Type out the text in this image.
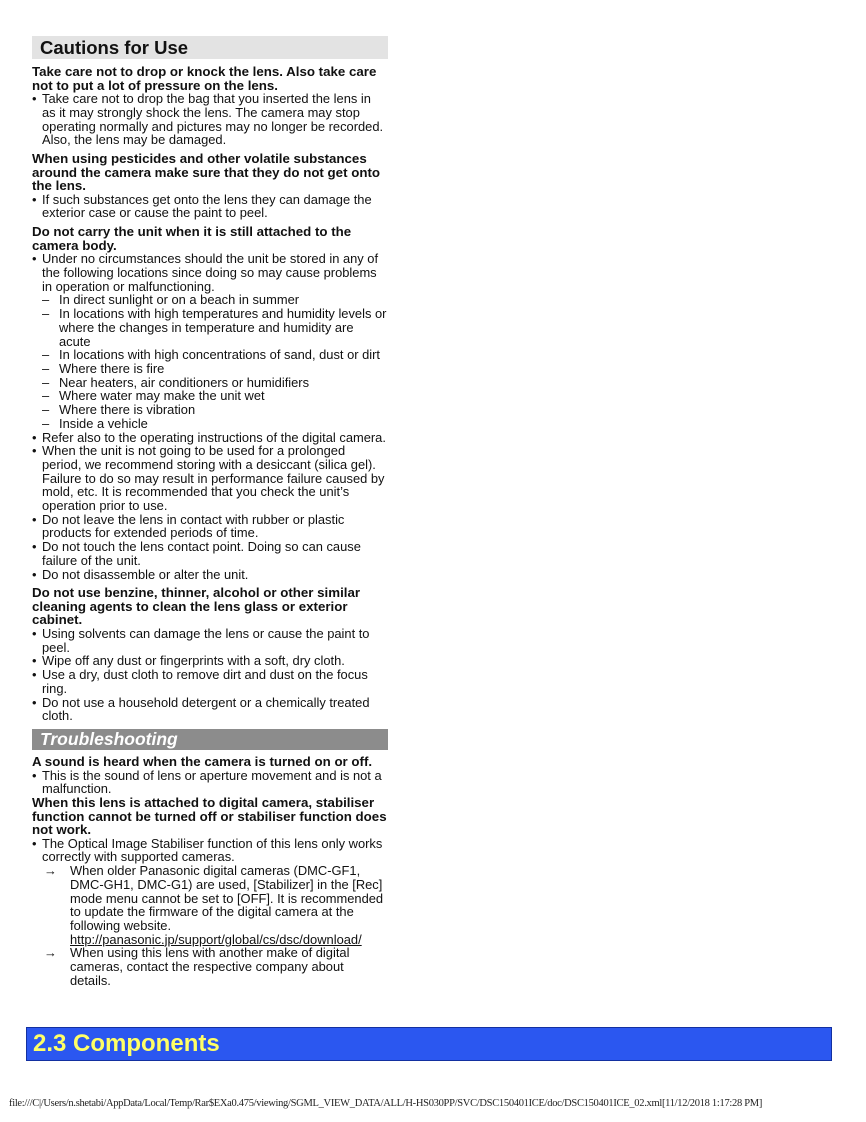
Cautions for Use
Take care not to drop or knock the lens. Also take care not to put a lot of pressure on the lens.
• Take care not to drop the bag that you inserted the lens in as it may strongly shock the lens. The camera may stop operating normally and pictures may no longer be recorded. Also, the lens may be damaged.
When using pesticides and other volatile substances around the camera make sure that they do not get onto the lens.
• If such substances get onto the lens they can damage the exterior case or cause the paint to peel.
Do not carry the unit when it is still attached to the camera body.
• Under no circumstances should the unit be stored in any of the following locations since doing so may cause problems in operation or malfunctioning.
– In direct sunlight or on a beach in summer
– In locations with high temperatures and humidity levels or where the changes in temperature and humidity are acute
– In locations with high concentrations of sand, dust or dirt
– Where there is fire
– Near heaters, air conditioners or humidifiers
– Where water may make the unit wet
– Where there is vibration
– Inside a vehicle
• Refer also to the operating instructions of the digital camera.
• When the unit is not going to be used for a prolonged period, we recommend storing with a desiccant (silica gel). Failure to do so may result in performance failure caused by mold, etc. It is recommended that you check the unit’s operation prior to use.
• Do not leave the lens in contact with rubber or plastic products for extended periods of time.
• Do not touch the lens contact point. Doing so can cause failure of the unit.
• Do not disassemble or alter the unit.
Do not use benzine, thinner, alcohol or other similar cleaning agents to clean the lens glass or exterior cabinet.
• Using solvents can damage the lens or cause the paint to peel.
• Wipe off any dust or fingerprints with a soft, dry cloth.
• Use a dry, dust cloth to remove dirt and dust on the focus ring.
• Do not use a household detergent or a chemically treated cloth.
Troubleshooting
A sound is heard when the camera is turned on or off.
• This is the sound of lens or aperture movement and is not a malfunction.
When this lens is attached to digital camera, stabiliser function cannot be turned off or stabiliser function does not work.
• The Optical Image Stabiliser function of this lens only works correctly with supported cameras.
→ When older Panasonic digital cameras (DMC-GF1, DMC-GH1, DMC-G1) are used, [Stabilizer] in the [Rec] mode menu cannot be set to [OFF]. It is recommended to update the firmware of the digital camera at the following website.
http://panasonic.jp/support/global/cs/dsc/download/
→ When using this lens with another make of digital cameras, contact the respective company about details.
2.3 Components
file:///C|/Users/n.shetabi/AppData/Local/Temp/Rar$EXa0.475/viewing/SGML_VIEW_DATA/ALL/H-HS030PP/SVC/DSC150401ICE/doc/DSC150401ICE_02.xml[11/12/2018 1:17:28 PM]
